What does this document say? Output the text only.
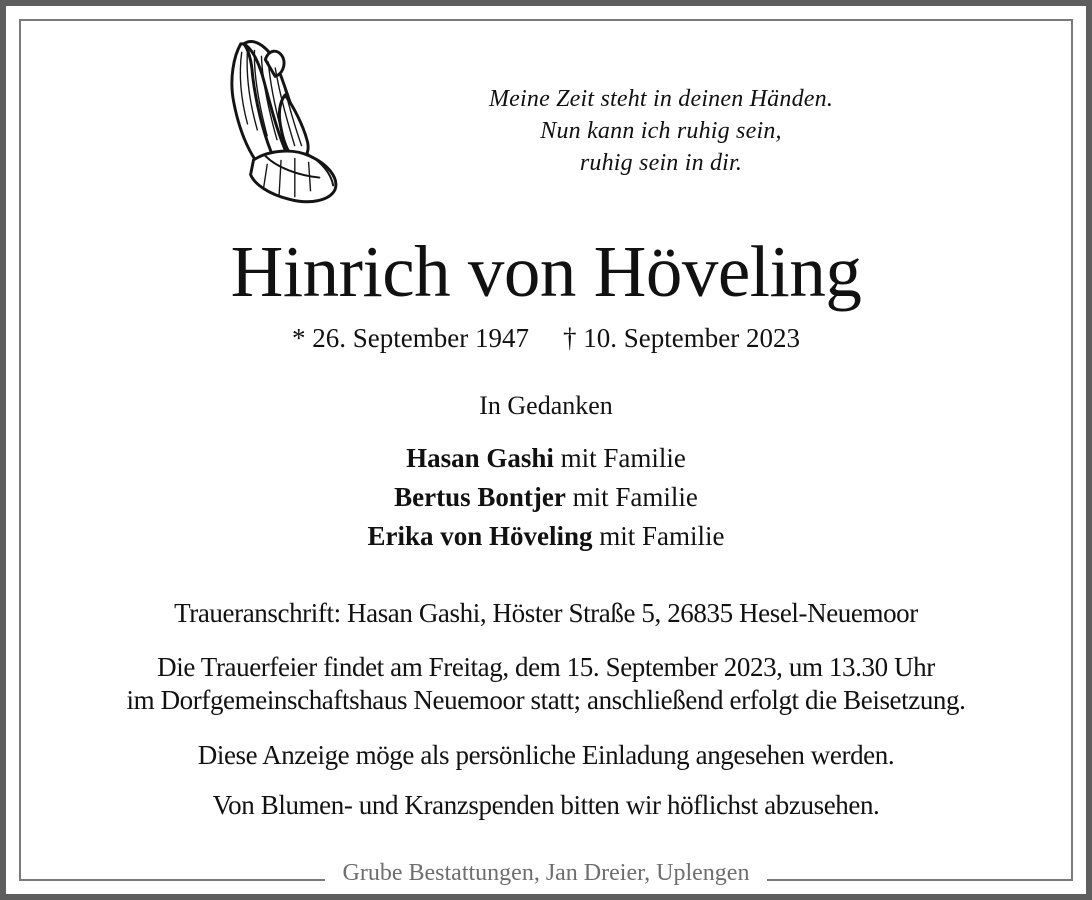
Meine Zeit steht in deinen Händen.
Nun kann ich ruhig sein,
ruhig sein in dir.
Hinrich von Höveling
* 26. September 1947 † 10. September 2023
In Gedanken
Hasan Gashi mit Familie
Bertus Bontjer mit Familie
Erika von Höveling mit Familie
Traueranschrift: Hasan Gashi, Höster Straße 5, 26835 Hesel-Neuemoor
Die Trauerfeier findet am Freitag, dem 15. September 2023, um 13.30 Uhr
im Dorfgemeinschaftshaus Neuemoor statt; anschließend erfolgt die Beisetzung.
Diese Anzeige möge als persönliche Einladung angesehen werden.
Von Blumen- und Kranzspenden bitten wir höflichst abzusehen.
Grube Bestattungen, Jan Dreier, Uplengen
